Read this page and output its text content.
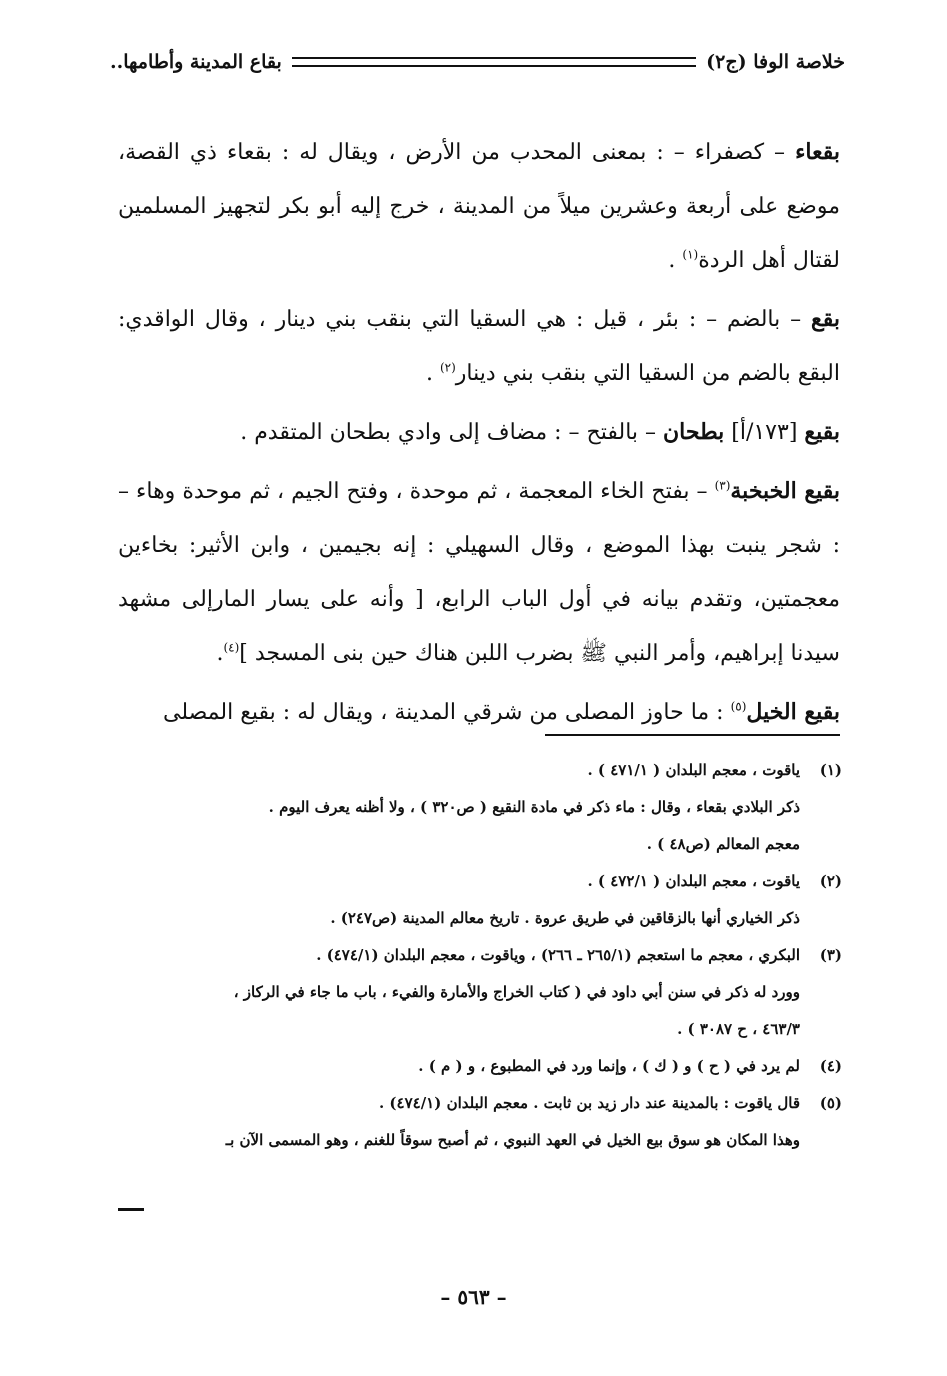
خلاصة الوفا (ج٢)
بقاع المدينة وأطامها..

بقعاء – كصفراء – : بمعنى المحدب من الأرض ، ويقال له : بقعاء ذي القصة، موضع على أربعة وعشرين ميلاً من المدينة ، خرج إليه أبو بكر لتجهيز المسلمين لقتال أهل الردة$^{(١)}$ .

بقع – بالضم – : بئر ، قيل : هي السقيا التي بنقب بني دينار ، وقال الواقدي: البقع بالضم من السقيا التي بنقب بني دينار$^{(٢)}$ .

بقيع [١٧٣/أ] بطحان – بالفتح – : مضاف إلى وادي بطحان المتقدم .

بقيع الخبخبة$^{(٣)}$ – بفتح الخاء المعجمة ، ثم موحدة ، وفتح الجيم ، ثم موحدة وهاء – : شجر ينبت بهذا الموضع ، وقال السهيلي : إنه بجيمين ، وابن الأثير: بخاءين معجمتين، وتقدم بيانه في أول الباب الرابع، [ وأنه على يسار المارإلى مشهد سيدنا إبراهيم، وأمر النبي ﷺ بضرب اللبن هناك حين بنى المسجد ]$^{(٤)}$.

بقيع الخيل$^{(٥)}$ : ما حاوز المصلى من شرقي المدينة ، ويقال له : بقيع المصلى

(١)
ياقوت ، معجم البلدان ( ٤٧١/١ ) .
ذكر البلادي بقعاء ، وقال : ماء ذكر في مادة النقيع ( ص٣٢٠ ) ، ولا أظنه يعرف اليوم .
معجم المعالم (ص٤٨ ) .
(٢)
ياقوت ، معجم البلدان ( ٤٧٢/١ ) .
ذكر الخياري أنها بالزقاقين في طريق عروة . تاريخ معالم المدينة (ص٢٤٧) .
(٣)
البكري ، معجم ما استعجم (٢٦٥/١ ـ ٢٦٦) ، وياقوت ، معجم البلدان (٤٧٤/١) .
وورد له ذكر في سنن أبي داود في ( كتاب الخراج والأمارة والفيء ، باب ما جاء في الركاز ،
٤٦٣/٣ ، ح ٣٠٨٧ ) .
(٤)
لم يرد في ( ح ) و ( ك ) ، وإنما ورد في المطبوع ، و ( م ) .
(٥)
قال ياقوت : بالمدينة عند دار زيد بن ثابت . معجم البلدان (٤٧٤/١) .
وهذا المكان هو سوق بيع الخيل في العهد النبوي ، ثم أصبح سوقاً للغنم ، وهو المسمى الآن بـ
– ٥٦٣ –
